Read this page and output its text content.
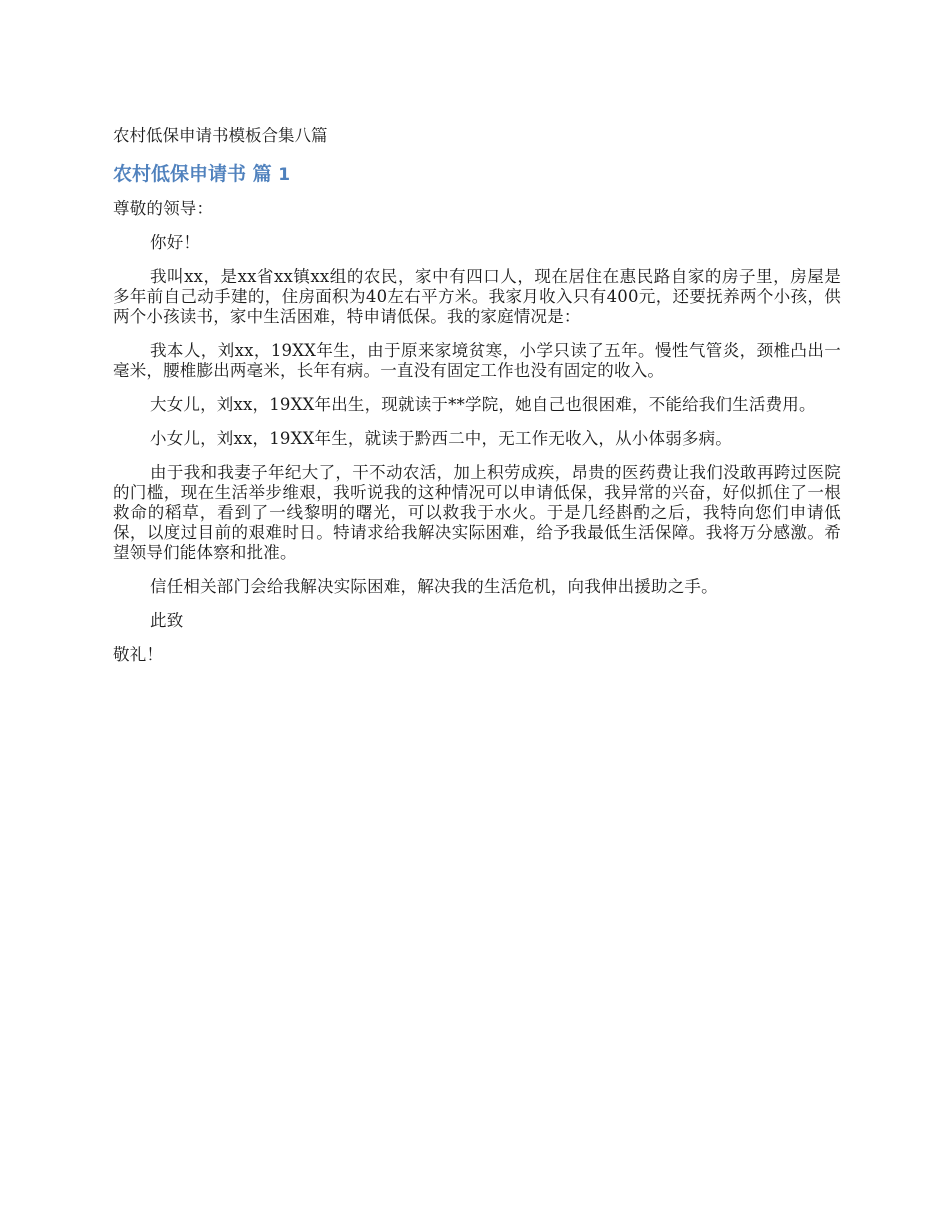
农村低保申请书模板合集八篇
农村低保申请书 篇 1

尊敬的领导：

你好！

我叫xx，是xx省xx镇xx组的农民，家中有四口人，现在居住在惠民路自家的房子里，房屋是多年前自己动手建的，住房面积为40左右平方米。我家月收入只有400元，还要抚养两个小孩，供两个小孩读书，家中生活困难，特申请低保。我的家庭情况是：

我本人，刘xx，19XX年生，由于原来家境贫寒，小学只读了五年。慢性气管炎，颈椎凸出一毫米，腰椎膨出两毫米，长年有病。一直没有固定工作也没有固定的收入。

大女儿，刘xx，19XX年出生，现就读于**学院，她自己也很困难，不能给我们生活费用。

小女儿，刘xx，19XX年生，就读于黔西二中，无工作无收入，从小体弱多病。

由于我和我妻子年纪大了，干不动农活，加上积劳成疾，昂贵的医药费让我们没敢再跨过医院的门槛，现在生活举步维艰，我听说我的这种情况可以申请低保，我异常的兴奋，好似抓住了一根救命的稻草，看到了一线黎明的曙光，可以救我于水火。于是几经斟酌之后，我特向您们申请低保，以度过目前的艰难时日。特请求给我解决实际困难，给予我最低生活保障。我将万分感激。希望领导们能体察和批准。

信任相关部门会给我解决实际困难，解决我的生活危机，向我伸出援助之手。

此致

敬礼！
